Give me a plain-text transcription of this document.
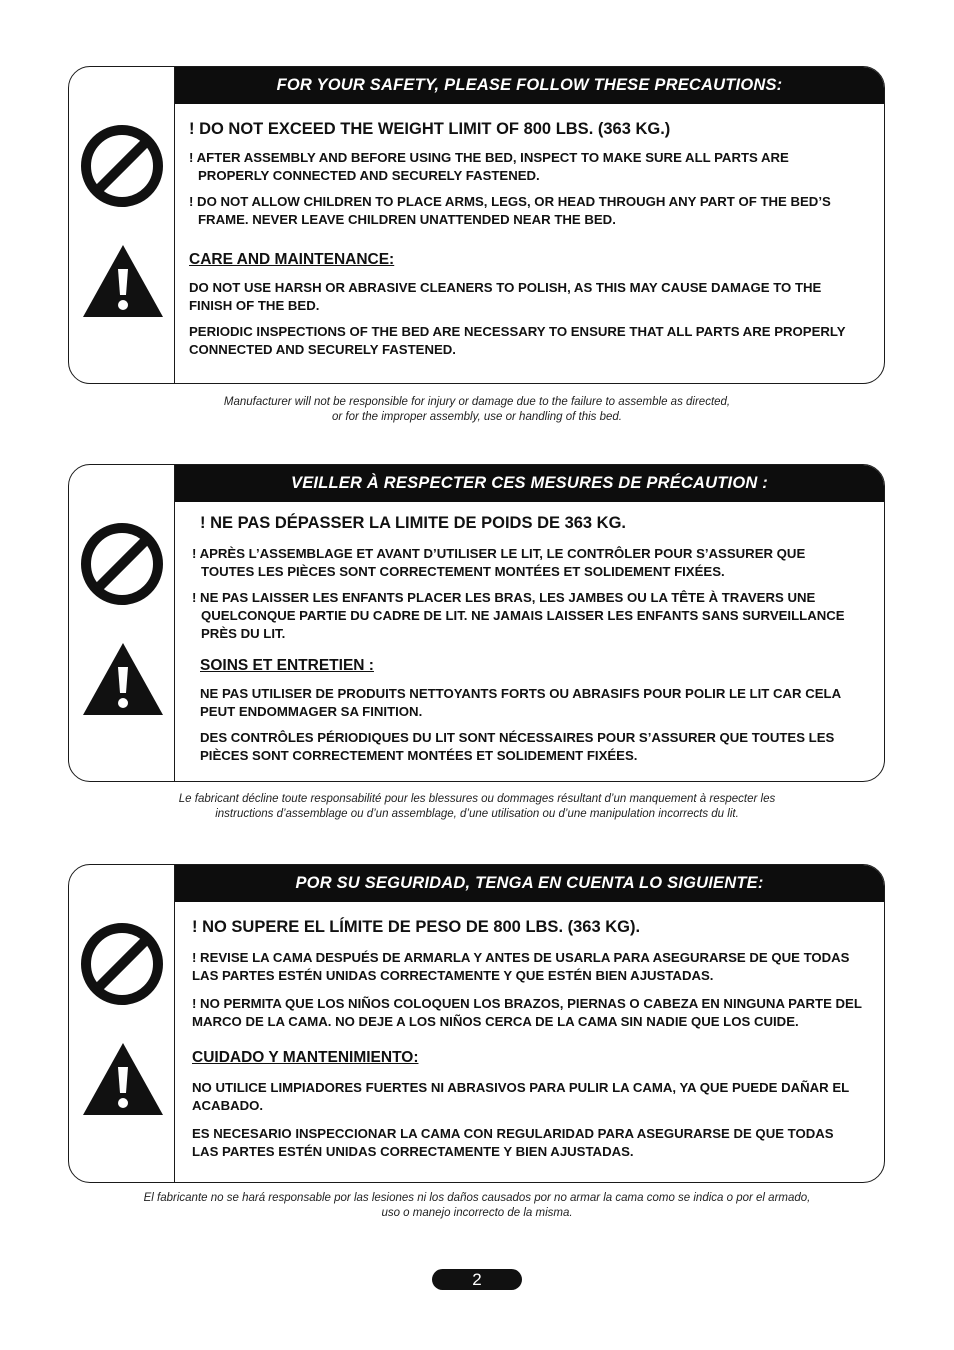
FOR YOUR SAFETY, PLEASE FOLLOW THESE PRECAUTIONS:

! DO NOT EXCEED THE WEIGHT LIMIT OF 800 LBS. (363 KG.)

! AFTER ASSEMBLY AND BEFORE USING THE BED, INSPECT TO MAKE SURE ALL PARTS ARE PROPERLY CONNECTED AND SECURELY FASTENED.

! DO NOT ALLOW CHILDREN TO PLACE ARMS, LEGS, OR HEAD THROUGH ANY PART OF THE BED’S FRAME. NEVER LEAVE CHILDREN UNATTENDED NEAR THE BED.

CARE AND MAINTENANCE:

DO NOT USE HARSH OR ABRASIVE CLEANERS TO POLISH, AS THIS MAY CAUSE DAMAGE TO THE FINISH OF THE BED.

PERIODIC INSPECTIONS OF THE BED ARE NECESSARY TO ENSURE THAT ALL PARTS ARE PROPERLY CONNECTED AND SECURELY FASTENED.

Manufacturer will not be responsible for injury or damage due to the failure to assemble as directed,
or for the improper assembly, use or handling of this bed.
VEILLER À RESPECTER CES MESURES DE PRÉCAUTION :

! NE PAS DÉPASSER LA LIMITE DE POIDS DE 363 KG.

! APRÈS L’ASSEMBLAGE ET AVANT D’UTILISER LE LIT, LE CONTRÔLER POUR S’ASSURER QUE TOUTES LES PIÈCES SONT CORRECTEMENT MONTÉES ET SOLIDEMENT FIXÉES.

! NE PAS LAISSER LES ENFANTS PLACER LES BRAS, LES JAMBES OU LA TÊTE À TRAVERS UNE QUELCONQUE PARTIE DU CADRE DE LIT. NE JAMAIS LAISSER LES ENFANTS SANS SURVEILLANCE PRÈS DU LIT.

SOINS ET ENTRETIEN :

NE PAS UTILISER DE PRODUITS NETTOYANTS FORTS OU ABRASIFS POUR POLIR LE LIT CAR CELA PEUT ENDOMMAGER SA FINITION.

DES CONTRÔLES PÉRIODIQUES DU LIT SONT NÉCESSAIRES POUR S’ASSURER QUE TOUTES LES PIÈCES SONT CORRECTEMENT MONTÉES ET SOLIDEMENT FIXÉES.

Le fabricant décline toute responsabilité pour les blessures ou dommages résultant d’un manquement à respecter les
instructions d’assemblage ou d’un assemblage, d’une utilisation ou d’une manipulation incorrects du lit.
POR SU SEGURIDAD, TENGA EN CUENTA LO SIGUIENTE:

! NO SUPERE EL LÍMITE DE PESO DE 800 LBS. (363 KG).

! REVISE LA CAMA DESPUÉS DE ARMARLA Y ANTES DE USARLA PARA ASEGURARSE DE QUE TODAS LAS PARTES ESTÉN UNIDAS CORRECTAMENTE Y QUE ESTÉN BIEN AJUSTADAS.

! NO PERMITA QUE LOS NIÑOS COLOQUEN LOS BRAZOS, PIERNAS O CABEZA EN NINGUNA PARTE DEL MARCO DE LA CAMA. NO DEJE A LOS NIÑOS CERCA DE LA CAMA SIN NADIE QUE LOS CUIDE.

CUIDADO Y MANTENIMIENTO:

NO UTILICE LIMPIADORES FUERTES NI ABRASIVOS PARA PULIR LA CAMA, YA QUE PUEDE DAÑAR EL ACABADO.

ES NECESARIO INSPECCIONAR LA CAMA CON REGULARIDAD PARA ASEGURARSE DE QUE TODAS LAS PARTES ESTÉN UNIDAS CORRECTAMENTE Y BIEN AJUSTADAS.

El fabricante no se hará responsable por las lesiones ni los daños causados por no armar la cama como se indica o por el armado,
uso o manejo incorrecto de la misma.
2
